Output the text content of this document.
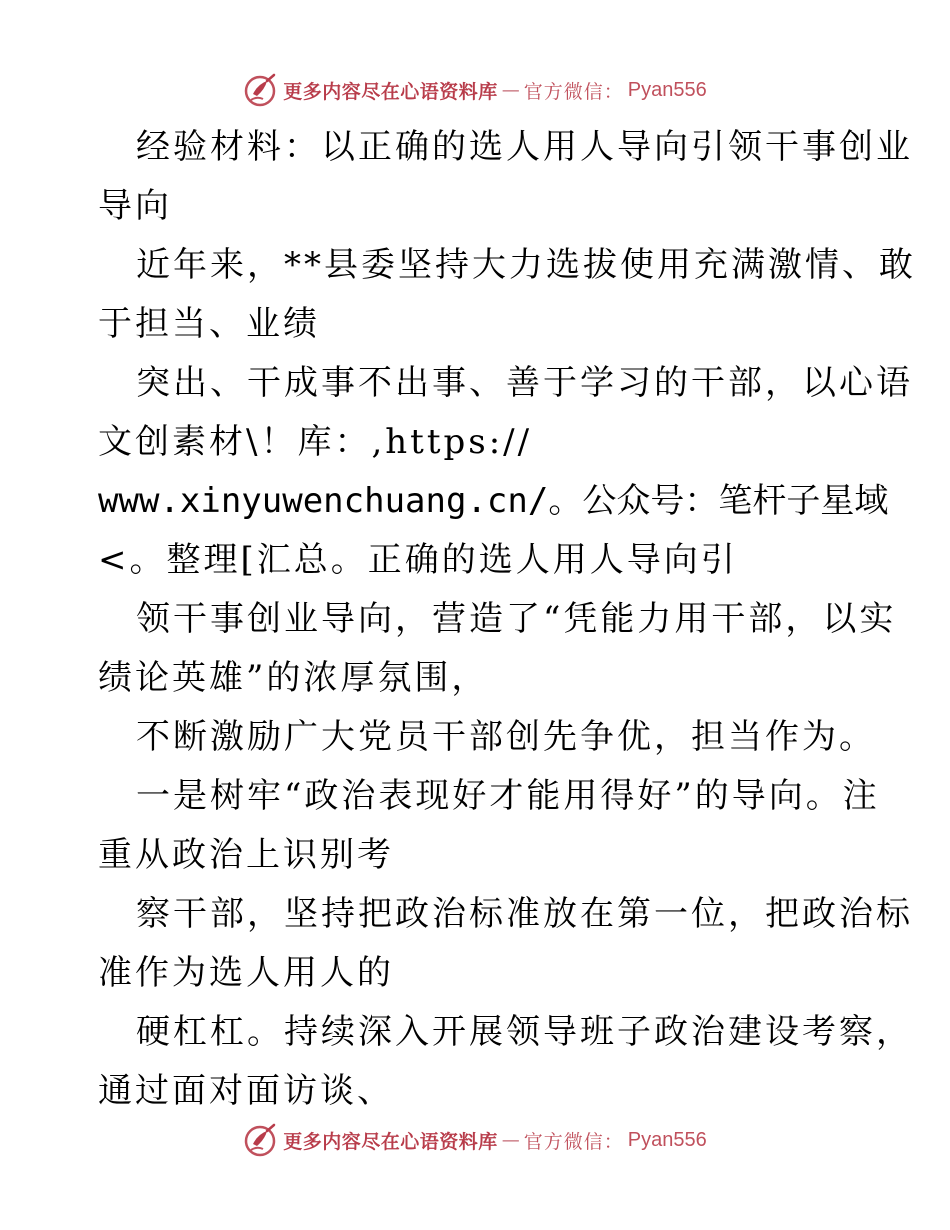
更多内容尽在心语资料库 — 官方微信： Pyan556
经验材料：以正确的选人用人导向引领干事创业
导向
近年来，**县委坚持大力选拔使用充满激情、敢
于担当、业绩
突出、干成事不出事、善于学习的干部，以心语
文创素材\！库：,https://
www.xinyuwenchuang.cn/。公众号：笔杆子星域
<。整理[汇总。正确的选人用人导向引
领干事创业导向，营造了“凭能力用干部，以实
绩论英雄”的浓厚氛围，
不断激励广大党员干部创先争优，担当作为。
一是树牢“政治表现好才能用得好”的导向。注
重从政治上识别考
察干部，坚持把政治标准放在第一位，把政治标
准作为选人用人的
硬杠杠。持续深入开展领导班子政治建设考察，
通过面对面访谈、
更多内容尽在心语资料库 — 官方微信： Pyan556
